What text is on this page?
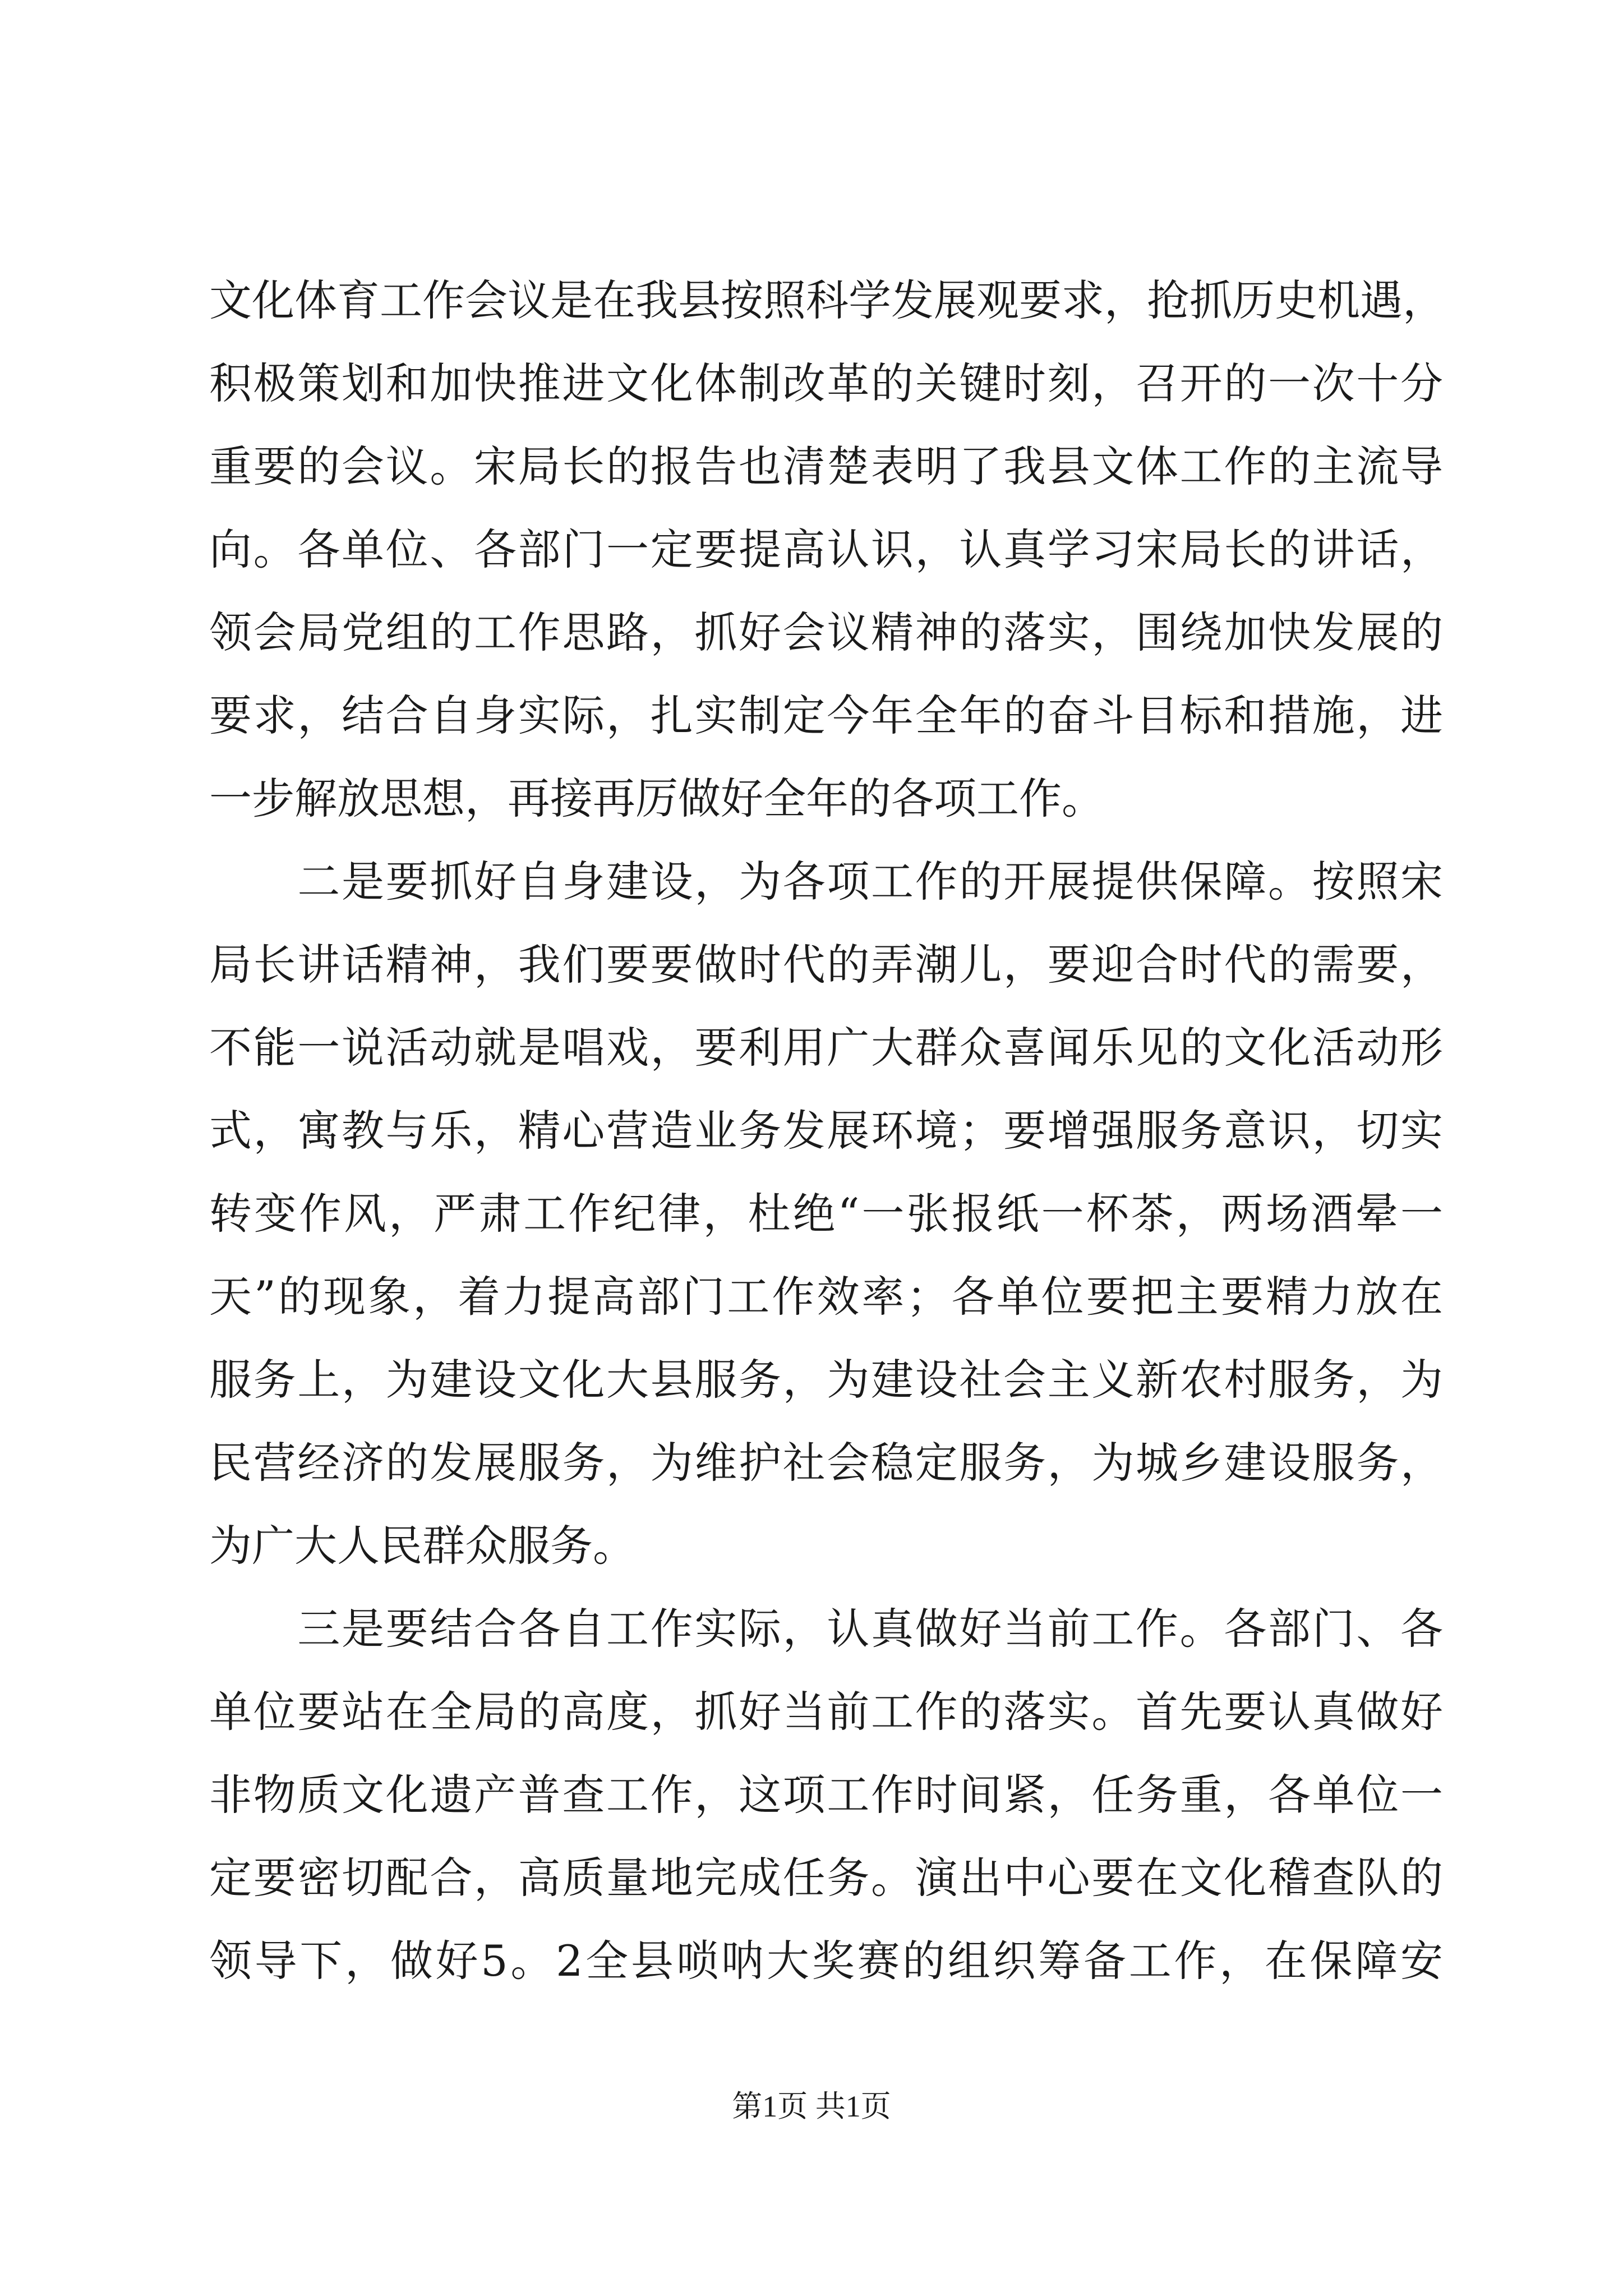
文化体育工作会议是在我县按照科学发展观要求，抢抓历史机遇，
积极策划和加快推进文化体制改革的关键时刻，召开的一次十分
重要的会议。宋局长的报告也清楚表明了我县文体工作的主流导
向。各单位、各部门一定要提高认识，认真学习宋局长的讲话，
领会局党组的工作思路，抓好会议精神的落实，围绕加快发展的
要求，结合自身实际，扎实制定今年全年的奋斗目标和措施，进
一步解放思想，再接再厉做好全年的各项工作。
　　二是要抓好自身建设，为各项工作的开展提供保障。按照宋
局长讲话精神，我们要要做时代的弄潮儿，要迎合时代的需要，
不能一说活动就是唱戏，要利用广大群众喜闻乐见的文化活动形
式，寓教与乐，精心营造业务发展环境；要增强服务意识，切实
转变作风，严肃工作纪律，杜绝“一张报纸一杯茶，两场酒晕一
天”的现象，着力提高部门工作效率；各单位要把主要精力放在
服务上，为建设文化大县服务，为建设社会主义新农村服务，为
民营经济的发展服务，为维护社会稳定服务，为城乡建设服务，
为广大人民群众服务。
　　三是要结合各自工作实际，认真做好当前工作。各部门、各
单位要站在全局的高度，抓好当前工作的落实。首先要认真做好
非物质文化遗产普查工作，这项工作时间紧，任务重，各单位一
定要密切配合，高质量地完成任务。演出中心要在文化稽查队的
领导下，做好5。2全县唢呐大奖赛的组织筹备工作，在保障安
第1页 共1页
